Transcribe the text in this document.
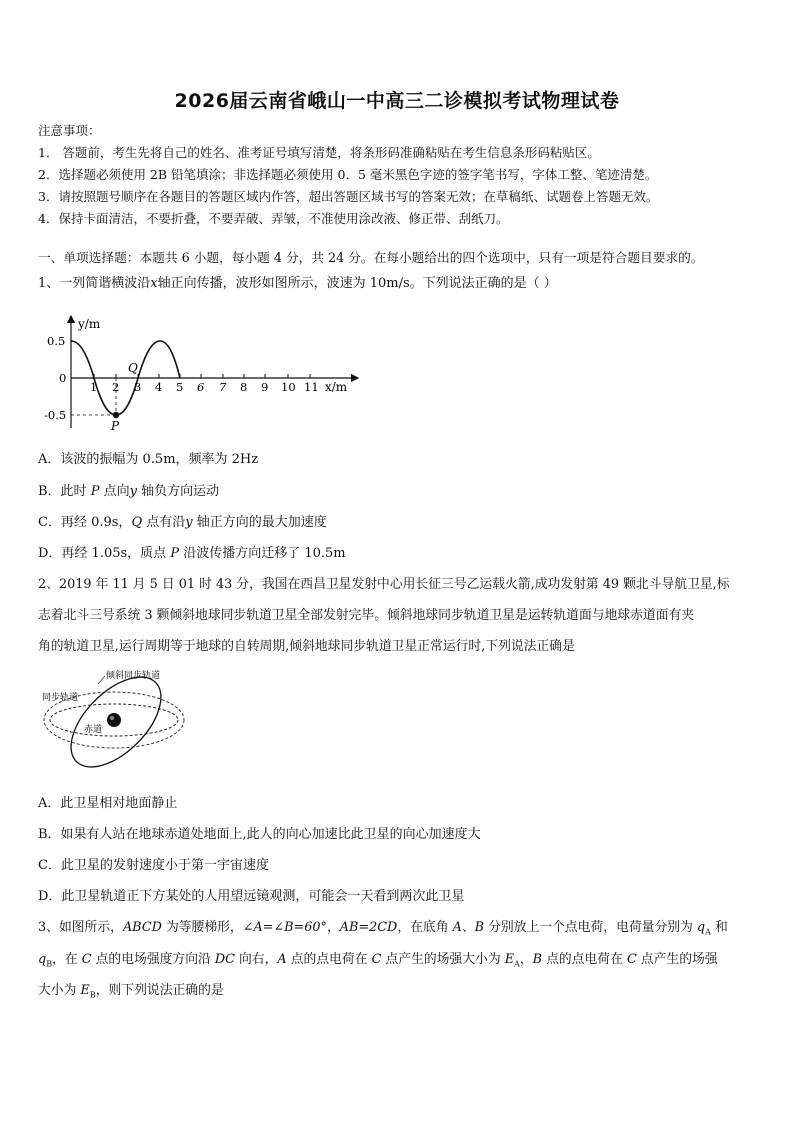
2026届云南省峨山一中高三二诊模拟考试物理试卷
注意事项：
1． 答题前，考生先将自己的姓名、准考证号填写清楚，将条形码准确粘贴在考生信息条形码粘贴区。
2．选择题必须使用 2B 铅笔填涂；非选择题必须使用 0．5 毫米黑色字迹的签字笔书写，字体工整、笔迹清楚。
3．请按照题号顺序在各题目的答题区域内作答，超出答题区域书写的答案无效；在草稿纸、试题卷上答题无效。
4．保持卡面清洁，不要折叠，不要弄破、弄皱，不准使用涂改液、修正带、刮纸刀。
一、单项选择题：本题共 6 小题，每小题 4 分，共 24 分。在每小题给出的四个选项中，只有一项是符合题目要求的。
1、一列简谐横波沿x轴正向传播，波形如图所示，波速为 10m/s。下列说法正确的是（ ）
1 2 3 4 5 6 7 8 9 10 11 x/m
y/m
0.5
0
-0.5
P
Q
A．该波的振幅为 0.5m，频率为 2Hz
B．此时 P 点向y 轴负方向运动
C．再经 0.9s，Q 点有沿y 轴正方向的最大加速度
D．再经 1.05s，质点 P 沿波传播方向迁移了 10.5m
2、2019 年 11 月 5 日 01 时 43 分，我国在西昌卫星发射中心用长征三号乙运载火箭,成功发射第 49 颗北斗导航卫星,标
志着北斗三号系统 3 颗倾斜地球同步轨道卫星全部发射完毕。倾斜地球同步轨道卫星是运转轨道面与地球赤道面有夹
角的轨道卫星,运行周期等于地球的自转周期,倾斜地球同步轨道卫星正常运行时,下列说法正确是
倾斜同步轨道
同步轨道
赤道
A．此卫星相对地面静止
B．如果有人站在地球赤道处地面上,此人的向心加速比此卫星的向心加速度大
C．此卫星的发射速度小于第一宇宙速度
D．此卫星轨道正下方某处的人用望远镜观测，可能会一天看到两次此卫星
3、如图所示，ABCD 为等腰梯形，∠A=∠B=60°，AB=2CD，在底角 A、B 分别放上一个点电荷，电荷量分别为 $q_A$ 和
$q_B$，在 C 点的电场强度方向沿 DC 向右，A 点的点电荷在 C 点产生的场强大小为 $E_A$，B 点的点电荷在 C 点产生的场强
大小为 $E_B$，则下列说法正确的是
